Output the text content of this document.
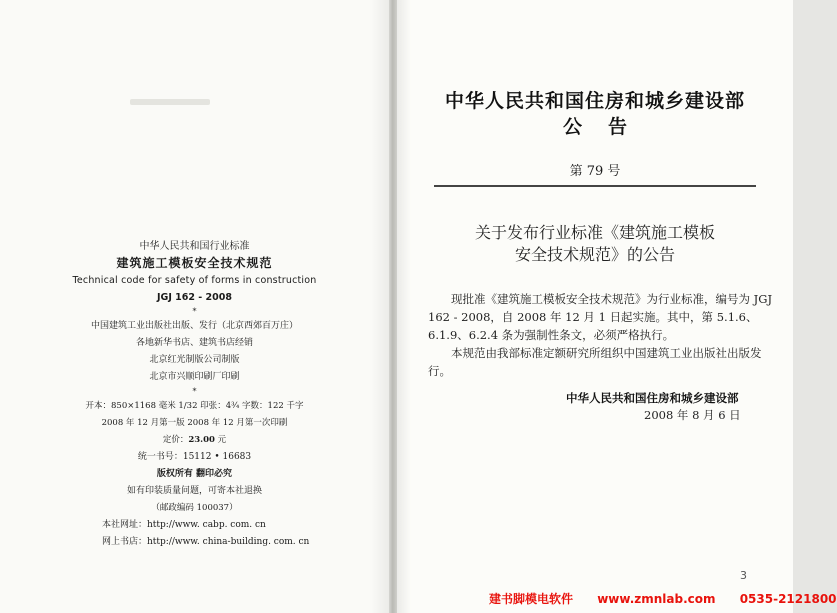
中华人民共和国行业标准
建筑施工模板安全技术规范
Technical code for safety of forms in construction
JGJ 162 - 2008
*
中国建筑工业出版社出版、发行（北京西郊百万庄）
各地新华书店、建筑书店经销
北京红光制版公司制版
北京市兴顺印刷厂印刷
*
开本：850×1168 毫米 1/32 印张：4¾ 字数：122 千字
2008 年 12 月第一版 2008 年 12 月第一次印刷
定价：23.00 元
统一书号：15112 • 16683
版权所有 翻印必究
如有印装质量问题，可寄本社退换
（邮政编码 100037）
本社网址：http://www. cabp. com. cn
网上书店：http://www. china-building. com. cn
中华人民共和国住房和城乡建设部
公告
第 79 号
关于发布行业标准《建筑施工模板
安全技术规范》的公告

现批准《建筑施工模板安全技术规范》为行业标准，编号为 JGJ 162 - 2008，自 2008 年 12 月 1 日起实施。其中，第 5.1.6、6.1.9、6.2.4 条为强制性条文，必须严格执行。

本规范由我部标准定额研究所组织中国建筑工业出版社出版发行。

中华人民共和国住房和城乡建设部
2008 年 8 月 6 日
3
建书脚模电软件 www.zmnlab.com 0535-2121800
